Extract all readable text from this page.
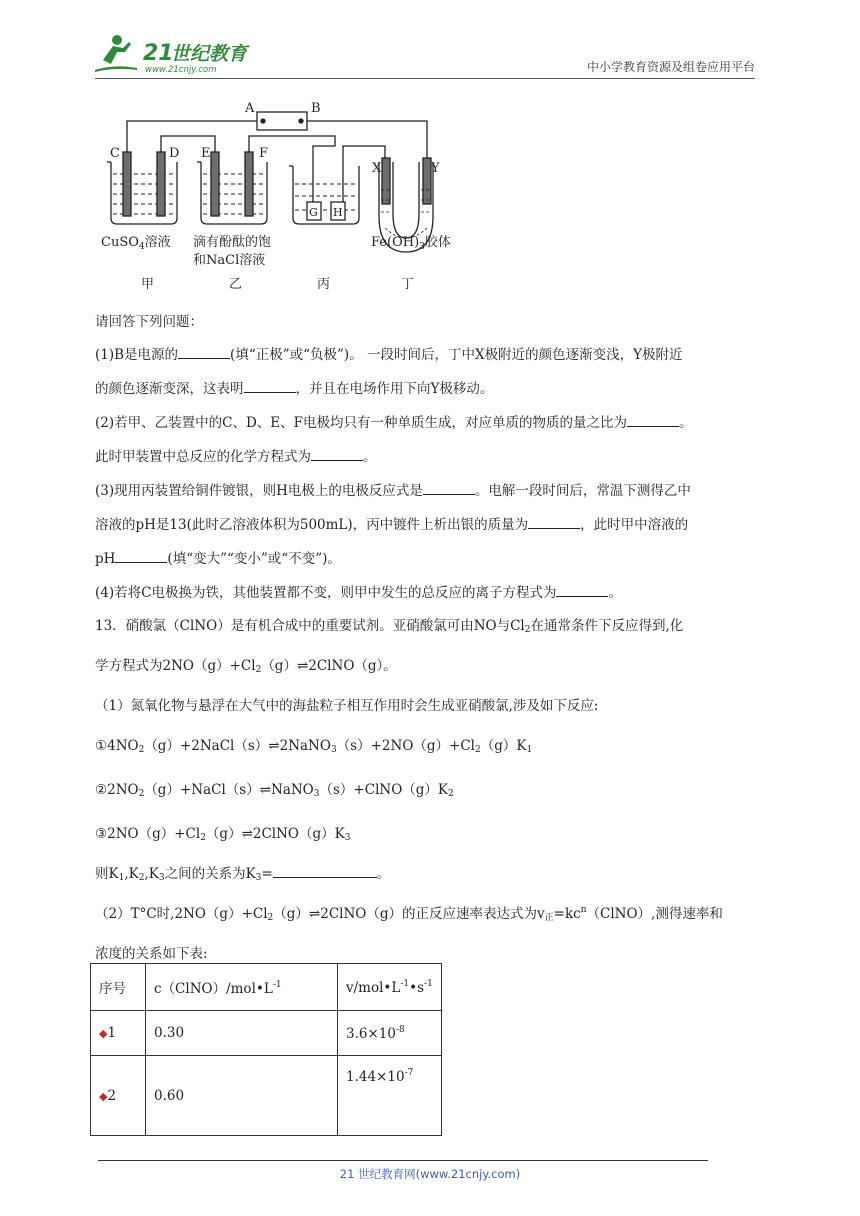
21
世纪教育
www.21cnjy.com	中小学教育资源及组卷应用平台
A	B
C	D E	F
G H
X	Y
CuSO$_4$溶液 滴有酚酞的饱
和NaCl溶液
$Fe(OH)_3$胶体
甲	乙	丙	丁

请回答下列问题：

(1)B是电源的	(填“正极”或“负极”)。 一段时间后，丁中X极附近的颜色逐渐变浅，Y极附近

的颜色逐渐变深，这表明	，并且在电场作用下向Y极移动。

(2)若甲、乙装置中的C、D、E、F电极均只有一种单质生成，对应单质的物质的量之比为	。

此时甲装置中总反应的化学方程式为	。

(3)现用丙装置给铜件镀银，则H电极上的电极反应式是	。电解一段时间后，常温下测得乙中

溶液的pH是13(此时乙溶液体积为500mL)，丙中镀件上析出银的质量为	，此时甲中溶液的

pH	(填“变大”“变小”或“不变”)。

(4)若将C电极换为铁，其他装置都不变，则甲中发生的总反应的离子方程式为	。

13．硝酸氯（ClNO）是有机合成中的重要试剂。亚硝酸氯可由NO与$Cl_2$在通常条件下反应得到,化

学方程式为$2NO(g)+Cl_2(g)\rightleftharpoons 2ClNO(g)$。

（1）氮氧化物与悬浮在大气中的海盐粒子相互作用时会生成亚硝酸氯,涉及如下反应:

$①4NO_2(g)+2NaCl(s)\rightleftharpoons 2NaNO_3(s)+2NO(g)+Cl_2(g)K_1$

$②2NO_2(g)+NaCl(s)\rightleftharpoons NaNO_3(s)+ClNO(g)K_2$

$③2NO(g)+Cl_2(g)\rightleftharpoons 2ClNO(g)K_3$

则$K_1,K_2,K_3$之间的关系为$K_3=$	。

（2）T°C时$,2NO(g)+Cl_2(g)\rightleftharpoons 2ClNO(g)$的正反应速率表达式为$v_正=kc^n(ClNO)$,测得速率和

浓度的关系如下表:

序号	$c(ClNO)/mol•L^{-1}$	$v/mol•L^{-1}•s^{-1}$
◆1	0.30	$3.6\times 10^{-8}$
◆2	0.60	$1.44\times 10^{-7}$
21 世纪教育网(www.21cnjy.com)
